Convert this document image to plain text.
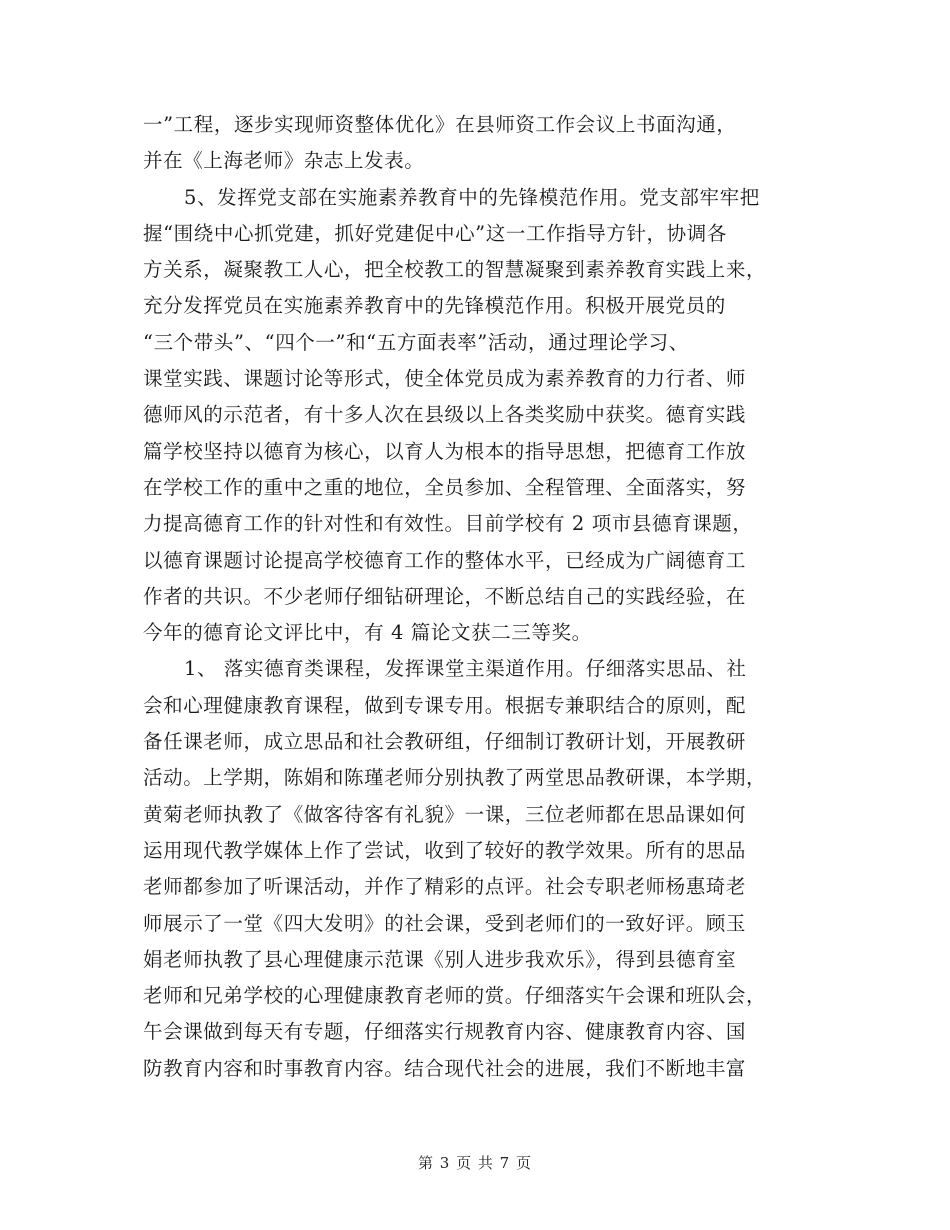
一”工程，逐步实现师资整体优化》在县师资工作会议上书面沟通，
并在《上海老师》杂志上发表。
5、发挥党支部在实施素养教育中的先锋模范作用。党支部牢牢把
握“围绕中心抓党建，抓好党建促中心”这一工作指导方针，协调各
方关系，凝聚教工人心，把全校教工的智慧凝聚到素养教育实践上来，
充分发挥党员在实施素养教育中的先锋模范作用。积极开展党员的
“三个带头”、“四个一”和“五方面表率”活动，通过理论学习、
课堂实践、课题讨论等形式，使全体党员成为素养教育的力行者、师
德师风的示范者，有十多人次在县级以上各类奖励中获奖。德育实践
篇学校坚持以德育为核心，以育人为根本的指导思想，把德育工作放
在学校工作的重中之重的地位，全员参加、全程管理、全面落实，努
力提高德育工作的针对性和有效性。目前学校有 2 项市县德育课题，
以德育课题讨论提高学校德育工作的整体水平，已经成为广阔德育工
作者的共识。不少老师仔细钻研理论，不断总结自己的实践经验，在
今年的德育论文评比中，有 4 篇论文获二三等奖。
1、 落实德育类课程，发挥课堂主渠道作用。仔细落实思品、社
会和心理健康教育课程，做到专课专用。根据专兼职结合的原则，配
备任课老师，成立思品和社会教研组，仔细制订教研计划，开展教研
活动。上学期，陈娟和陈瑾老师分别执教了两堂思品教研课，本学期，
黄菊老师执教了《做客待客有礼貌》一课，三位老师都在思品课如何
运用现代教学媒体上作了尝试，收到了较好的教学效果。所有的思品
老师都参加了听课活动，并作了精彩的点评。社会专职老师杨惠琦老
师展示了一堂《四大发明》的社会课，受到老师们的一致好评。顾玉
娟老师执教了县心理健康示范课《别人进步我欢乐》，得到县德育室
老师和兄弟学校的心理健康教育老师的赏。仔细落实午会课和班队会，
午会课做到每天有专题，仔细落实行规教育内容、健康教育内容、国
防教育内容和时事教育内容。结合现代社会的进展，我们不断地丰富
第 3 页 共 7 页
